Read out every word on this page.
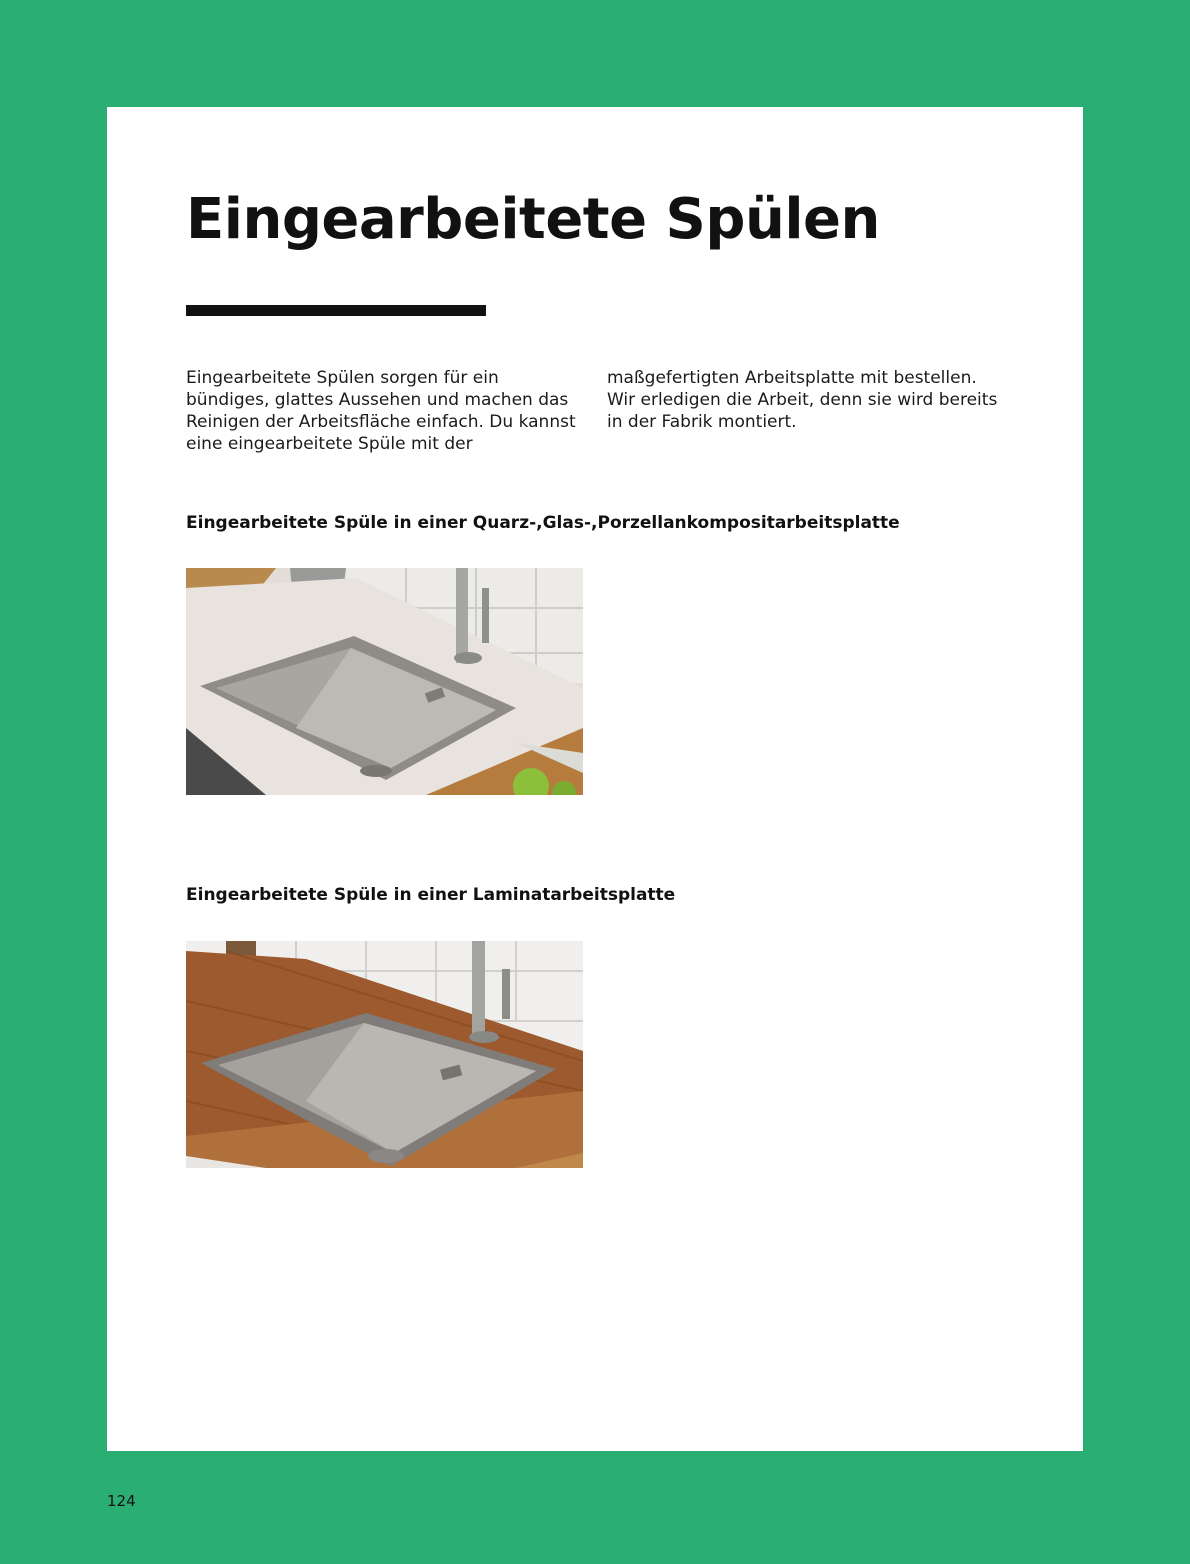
Eingearbeitete Spülen

Eingearbeitete Spülen sorgen für ein bündiges, glattes Aussehen und machen das Reinigen der Arbeitsfläche einfach. Du kannst eine eingearbeitete Spüle mit der maßgefertigten Arbeitsplatte mit bestellen. Wir erledigen die Arbeit, denn sie wird bereits in der Fabrik montiert.

Eingearbeitete Spüle in einer Quarz-,Glas-,Porzellankompositarbeitsplatte
Eingearbeitete Spüle in einer Laminatarbeitsplatte
124
